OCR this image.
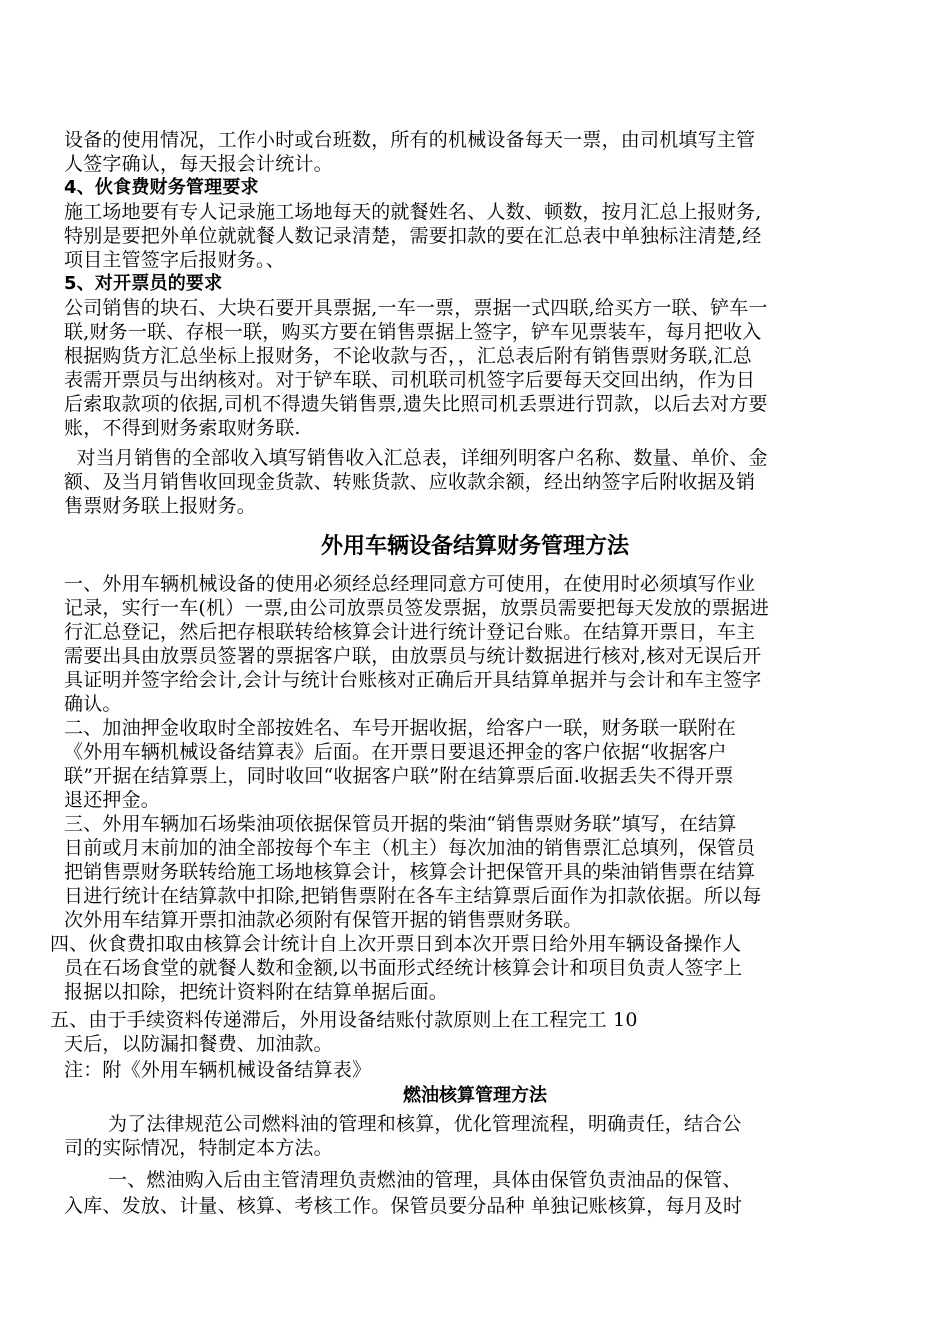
设备的使用情况，工作小时或台班数，所有的机械设备每天一票，由司机填写主管
人签字确认，每天报会计统计。
4、伙食费财务管理要求
施工场地要有专人记录施工场地每天的就餐姓名、人数、顿数，按月汇总上报财务,
特别是要把外单位就就餐人数记录清楚，需要扣款的要在汇总表中单独标注清楚,经
项目主管签字后报财务。、
5、对开票员的要求
公司销售的块石、大块石要开具票据,一车一票，票据一式四联,给买方一联、铲车一
联,财务一联、存根一联，购买方要在销售票据上签字，铲车见票装车，每月把收入
根据购货方汇总坐标上报财务，不论收款与否，，汇总表后附有销售票财务联,汇总
表需开票员与出纳核对。对于铲车联、司机联司机签字后要每天交回出纳，作为日
后索取款项的依据,司机不得遗失销售票,遗失比照司机丢票进行罚款，以后去对方要
账，不得到财务索取财务联.
对当月销售的全部收入填写销售收入汇总表，详细列明客户名称、数量、单价、金
额、及当月销售收回现金货款、转账货款、应收款余额，经出纳签字后附收据及销
售票财务联上报财务。
外用车辆设备结算财务管理方法
一、外用车辆机械设备的使用必须经总经理同意方可使用，在使用时必须填写作业
记录，实行一车(机）一票,由公司放票员签发票据，放票员需要把每天发放的票据进
行汇总登记，然后把存根联转给核算会计进行统计登记台账。在结算开票日，车主
需要出具由放票员签署的票据客户联，由放票员与统计数据进行核对,核对无误后开
具证明并签字给会计,会计与统计台账核对正确后开具结算单据并与会计和车主签字
确认。
二、加油押金收取时全部按姓名、车号开据收据，给客户一联，财务联一联附在
《外用车辆机械设备结算表》后面。在开票日要退还押金的客户依据“收据客户
联”开据在结算票上，同时收回“收据客户联”附在结算票后面.收据丢失不得开票
退还押金。
三、外用车辆加石场柴油项依据保管员开据的柴油“销售票财务联”填写，在结算
日前或月末前加的油全部按每个车主（机主）每次加油的销售票汇总填列，保管员
把销售票财务联转给施工场地核算会计，核算会计把保管开具的柴油销售票在结算
日进行统计在结算款中扣除,把销售票附在各车主结算票后面作为扣款依据。所以每
次外用车结算开票扣油款必须附有保管开据的销售票财务联。
四、伙食费扣取由核算会计统计自上次开票日到本次开票日给外用车辆设备操作人
员在石场食堂的就餐人数和金额,以书面形式经统计核算会计和项目负责人签字上
报据以扣除，把统计资料附在结算单据后面。
五、由于手续资料传递滞后，外用设备结账付款原则上在工程完工 10
天后，以防漏扣餐费、加油款。
注：附《外用车辆机械设备结算表》
燃油核算管理方法
为了法律规范公司燃料油的管理和核算，优化管理流程，明确责任，结合公
司的实际情况，特制定本方法。
一、燃油购入后由主管清理负责燃油的管理，具体由保管负责油品的保管、
入库、发放、计量、核算、考核工作。保管员要分品种 单独记账核算，每月及时
